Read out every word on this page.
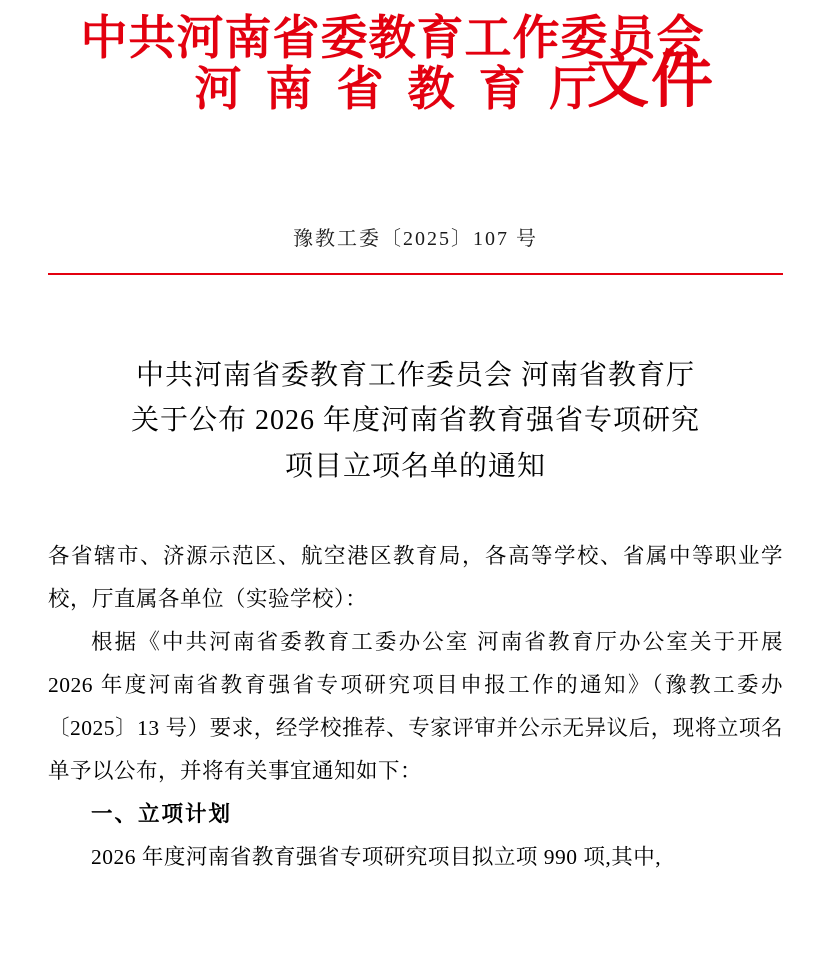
中共河南省委教育工作委员会
河南省教育厅
文件
豫教工委〔2025〕107 号
中共河南省委教育工作委员会 河南省教育厅
关于公布 2026 年度河南省教育强省专项研究
项目立项名单的通知

各省辖市、济源示范区、航空港区教育局，各高等学校、省属中等职业学校，厅直属各单位（实验学校）：

根据《中共河南省委教育工委办公室 河南省教育厅办公室关于开展 2026 年度河南省教育强省专项研究项目申报工作的通知》（豫教工委办〔2025〕13 号）要求，经学校推荐、专家评审并公示无异议后，现将立项名单予以公布，并将有关事宜通知如下：

一、立项计划

2026 年度河南省教育强省专项研究项目拟立项 990 项,其中,
